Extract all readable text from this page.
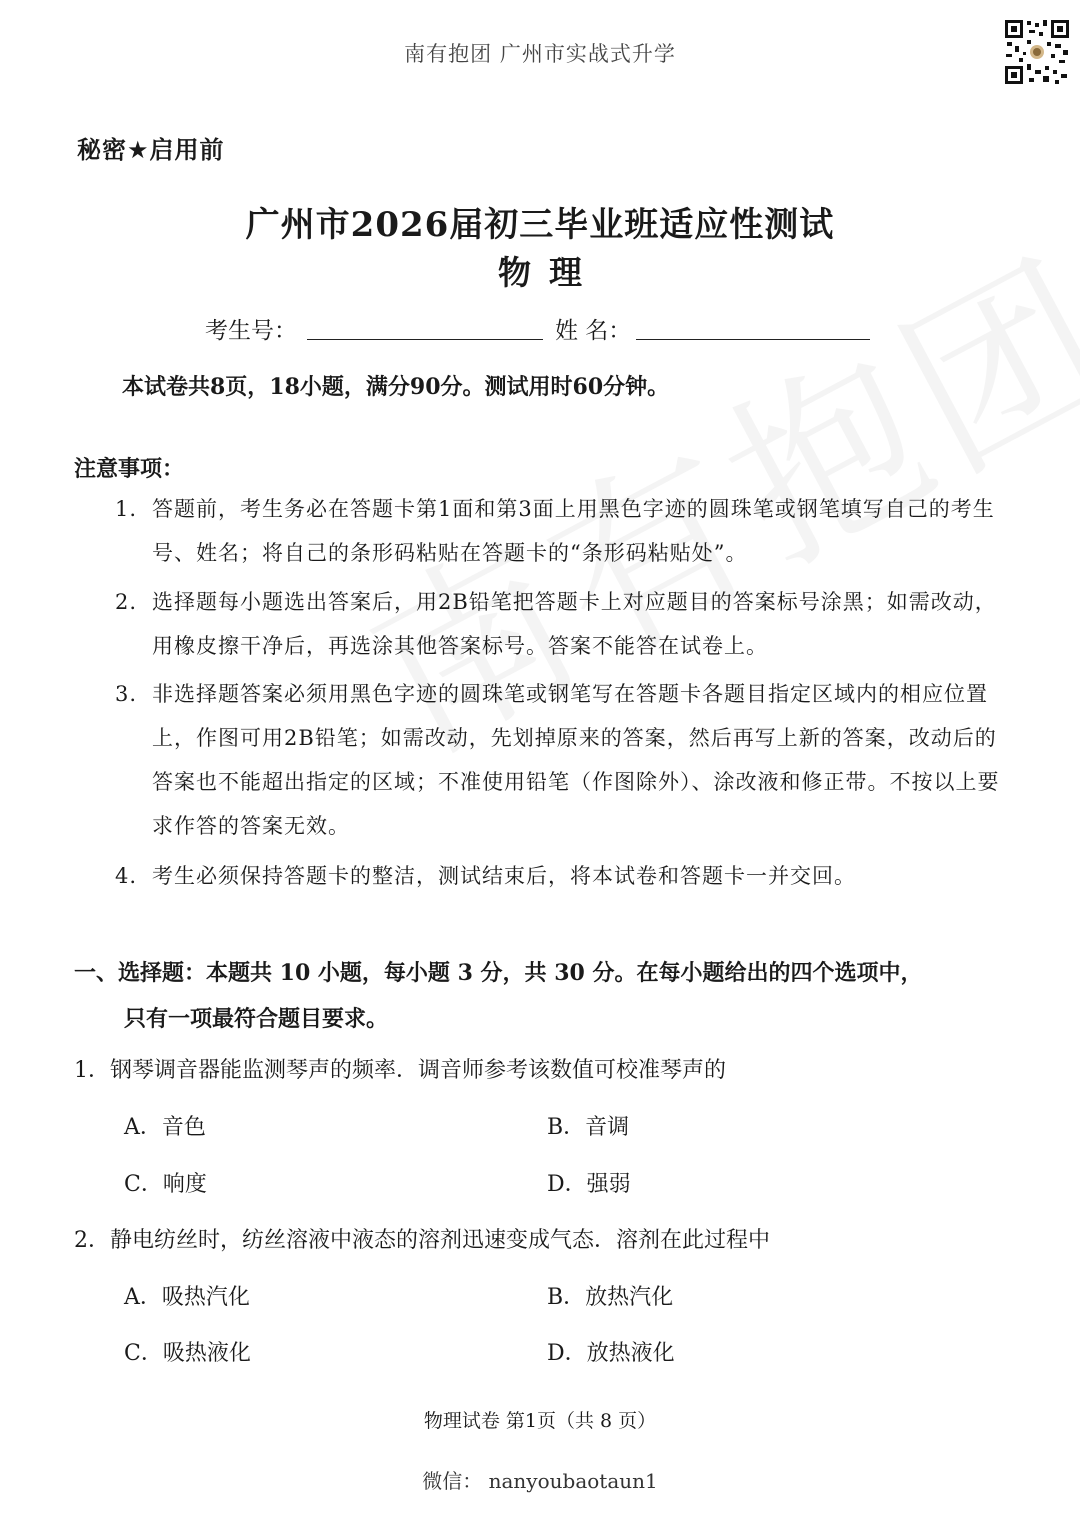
南有抱团 广州市实战式升学
秘密★启用前
广州市2026届初三毕业班适应性测试
物理
考生号：	姓 名：
本试卷共8页，18小题，满分90分。测试用时60分钟。
注意事项：
1. 答题前，考生务必在答题卡第1面和第3面上用黑色字迹的圆珠笔或钢笔填写自己的考生号、姓名；将自己的条形码粘贴在答题卡的“条形码粘贴处”。
2. 选择题每小题选出答案后，用2B铅笔把答题卡上对应题目的答案标号涂黑；如需改动，用橡皮擦干净后，再选涂其他答案标号。答案不能答在试卷上。
3. 非选择题答案必须用黑色字迹的圆珠笔或钢笔写在答题卡各题目指定区域内的相应位置上，作图可用2B铅笔；如需改动，先划掉原来的答案，然后再写上新的答案，改动后的答案也不能超出指定的区域；不准使用铅笔（作图除外）、涂改液和修正带。不按以上要求作答的答案无效。
4. 考生必须保持答题卡的整洁，测试结束后，将本试卷和答题卡一并交回。
一、选择题：本题共 10 小题，每小题 3 分，共 30 分。在每小题给出的四个选项中，
只有一项最符合题目要求。
1．钢琴调音器能监测琴声的频率．调音师参考该数值可校准琴声的
A．音色	B．音调
C．响度	D．强弱
2．静电纺丝时，纺丝溶液中液态的溶剂迅速变成气态．溶剂在此过程中
A．吸热汽化	B．放热汽化
C．吸热液化	D．放热液化
物理试卷 第1页（共 8 页）
微信： nanyoubaotaun1
